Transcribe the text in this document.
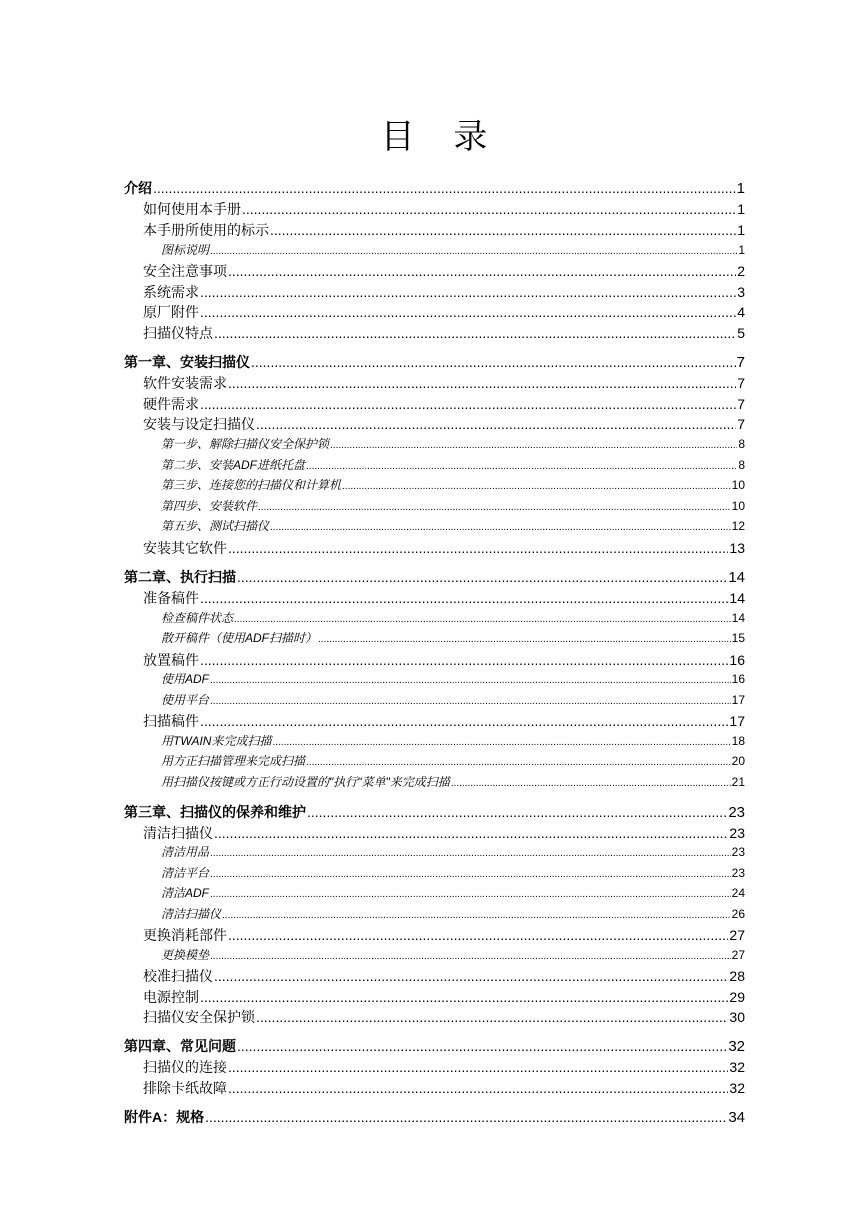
目 录
介绍 .....	1
如何使用本手册 .....	1
本手册所使用的标示 .....	1
图标说明 .....	1
安全注意事项 .....	2
系统需求 .....	3
原厂附件 .....	4
扫描仪特点 .....	5
第一章、安装扫描仪 .....	7
软件安装需求 .....	7
硬件需求 .....	7
安装与设定扫描仪 .....	7
第一步、解除扫描仪安全保护锁 .....	8
第二步、安装ADF进纸托盘 .....	8
第三步、连接您的扫描仪和计算机 .....	10
第四步、安装软件 .....	10
第五步、测试扫描仪 .....	12
安装其它软件 .....	13
第二章、执行扫描 .....	14
准备稿件 .....	14
检查稿件状态 .....	14
散开稿件（使用ADF扫描时） .....	15
放置稿件 .....	16
使用ADF .....	16
使用平台 .....	17
扫描稿件 .....	17
用TWAIN来完成扫描 .....	18
用方正扫描管理来完成扫描 .....	20
用扫描仪按键或方正行动设置的"执行"菜单"来完成扫描 .....	21
第三章、扫描仪的保养和维护 .....	23
清洁扫描仪 .....	23
清洁用品 .....	23
清洁平台 .....	23
清洁ADF .....	24
清洁扫描仪 .....	26
更换消耗部件 .....	27
更换模垫 .....	27
校准扫描仪 .....	28
电源控制 .....	29
扫描仪安全保护锁 .....	30
第四章、常见问题 .....	32
扫描仪的连接 .....	32
排除卡纸故障 .....	32
附件A：规格 .....	34
